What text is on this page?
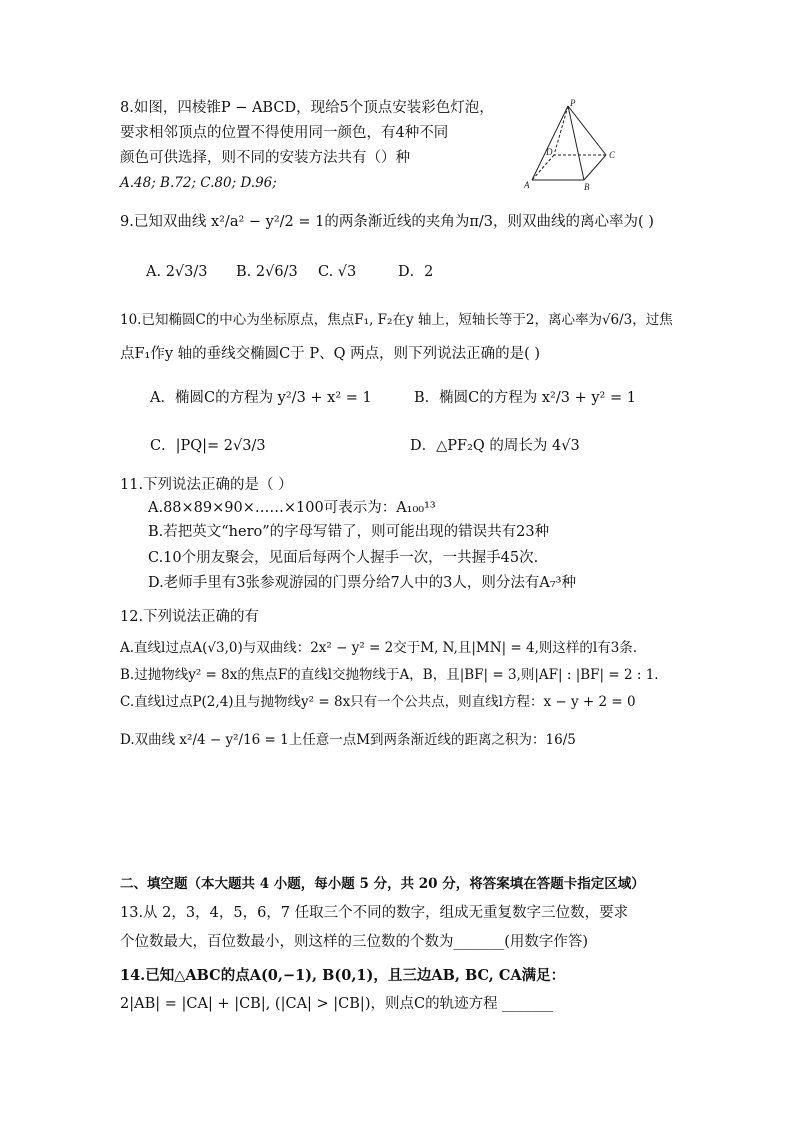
8.如图，四棱锥P − ABCD，现给5个顶点安装彩色灯泡，
要求相邻顶点的位置不得使用同一颜色，有4种不同
颜色可供选择，则不同的安装方法共有（）种
A.48; B.72; C.80; D.96;
P
A	B
C
D
9.已知双曲线 x²/a² − y²/2 = 1的两条渐近线的夹角为π/3，则双曲线的离心率为( )
A. 2√3/3 B. 2√6/3 C. √3	D．2
10.已知椭圆C的中心为坐标原点，焦点F₁, F₂在y 轴上，短轴长等于2，离心率为√6/3，过焦
点F₁作y 轴的垂线交椭圆C于 P、Q 两点，则下列说法正确的是( )
A．椭圆C的方程为 y²/3 + x² = 1	B．椭圆C的方程为 x²/3 + y² = 1
C．|PQ|= 2√3/3	D．△PF₂Q 的周长为 4√3
11.下列说法正确的是（ ）
A.88×89×90×……×100可表示为：A₁₀₀¹³
B.若把英文“hero”的字母写错了，则可能出现的错误共有23种
C.10个朋友聚会，见面后每两个人握手一次，一共握手45次.
D.老师手里有3张参观游园的门票分给7人中的3人，则分法有A₇³种
12.下列说法正确的有
A.直线l过点A(√3,0)与双曲线：2x² − y² = 2交于M, N,且|MN| = 4,则这样的l有3条.
B.过抛物线y² = 8x的焦点F的直线l交抛物线于A，B，且|BF| = 3,则|AF| : |BF| = 2 : 1.
C.直线l过点P(2,4)且与抛物线y² = 8x只有一个公共点，则直线l方程：x − y + 2 = 0
D.双曲线 x²/4 − y²/16 = 1上任意一点M到两条渐近线的距离之积为：16/5
二、填空题（本大题共 4 小题，每小题 5 分，共 20 分，将答案填在答题卡指定区域）
13.从 2，3，4，5，6，7 任取三个不同的数字，组成无重复数字三位数，要求
个位数最大，百位数最小，则这样的三位数的个数为_______(用数字作答)
14.已知△ABC的点A(0,−1), B(0,1)，且三边AB, BC, CA满足：
2|AB| = |CA| + |CB|, (|CA| > |CB|)，则点C的轨迹方程 _______
